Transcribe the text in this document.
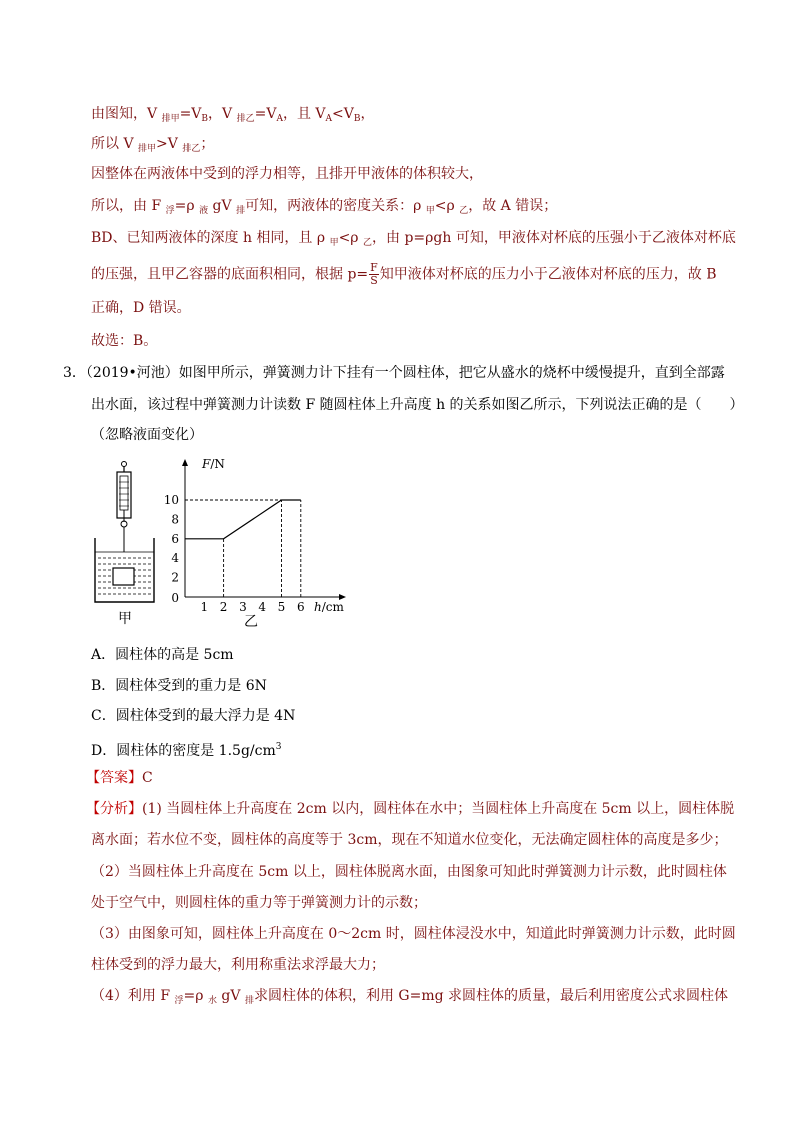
由图知，V $_{排甲}=V_B$，V $_{排乙}=V_A$，且 $V_A<V_B$，
所以 V $_{排甲}$>V $_{排乙}$；
因整体在两液体中受到的浮力相等，且排开甲液体的体积较大，
所以，由 F $_浮$=ρ $_液$ gV $_排$可知，两液体的密度关系：ρ $_甲$<ρ $_乙$，故 A 错误；
BD、已知两液体的深度 h 相同，且 ρ $_甲$<ρ $_乙$，由 p=ρgh 可知，甲液体对杯底的压强小于乙液体对杯底
的压强，且甲乙容器的底面积相同，根据 $p= \frac{F}{S}$ 知甲液体对杯底的压力小于乙液体对杯底的压力，故 B
正确，D 错误。
故选：B。
3．（2019•河池）如图甲所示，弹簧测力计下挂有一个圆柱体，把它从盛水的烧杯中缓慢提升，直到全部露
出水面，该过程中弹簧测力计读数 F 随圆柱体上升高度 h 的关系如图乙所示，下列说法正确的是（　　）
（忽略液面变化）
1 2 3 4 5 6
2
4
6
8
10
F/N
h/cm
0
甲	乙
A．圆柱体的高是 5cm
B．圆柱体受到的重力是 6N
C．圆柱体受到的最大浮力是 4N
D．圆柱体的密度是 $1.5g/cm^3$
【答案】C
【分析】(1) 当圆柱体上升高度在 2cm 以内，圆柱体在水中；当圆柱体上升高度在 5cm 以上，圆柱体脱
离水面；若水位不变，圆柱体的高度等于 3cm，现在不知道水位变化，无法确定圆柱体的高度是多少；
（2）当圆柱体上升高度在 5cm 以上，圆柱体脱离水面，由图象可知此时弹簧测力计示数，此时圆柱体
处于空气中，则圆柱体的重力等于弹簧测力计的示数；
（3）由图象可知，圆柱体上升高度在 0～2cm 时，圆柱体浸没水中，知道此时弹簧测力计示数，此时圆
柱体受到的浮力最大，利用称重法求浮最大力；
（4）利用 F $_浮$=ρ $_水$ gV $_排$求圆柱体的体积，利用 G=mg 求圆柱体的质量，最后利用密度公式求圆柱体
